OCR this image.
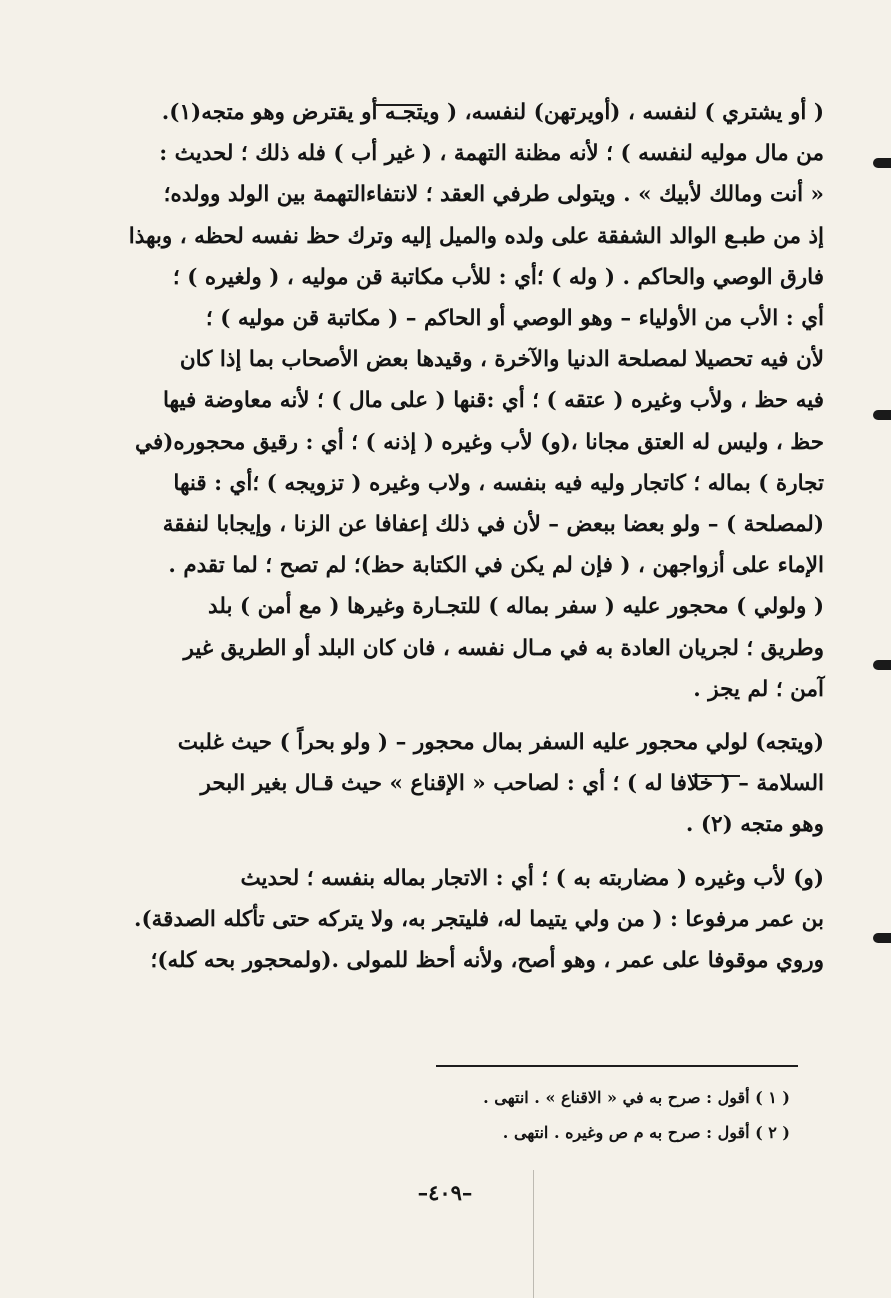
( أو يشتري ) لنفسه ، (أويرتهن) لنفسه، ( ويتجـه أو يقترض وهو متجه(١).

من مال موليه لنفسه ) ؛ لأنه مظنة التهمة ، ( غير أب ) فله ذلك ؛ لحديث :

« أنت ومالك لأبيك » . ويتولى طرفي العقد ؛ لانتفاءالتهمة بين الولد وولده؛

إذ من طبـع الوالد الشفقة على ولده والميل إليه وترك حظ نفسه لحظه ، وبهذا

فارق الوصي والحاكم . ( وله ) ؛أي : للأب مكاتبة قن موليه ، ( ولغيره ) ؛

أي : الأب من الأولياء – وهو الوصي أو الحاكم – ( مكاتبة قن موليه ) ؛

لأن فيه تحصيلا لمصلحة الدنيا والآخرة ، وقيدها بعض الأصحاب بما إذا كان

فيه حظ ، ولأب وغيره ( عتقه ) ؛ أي :قنها ( على مال ) ؛ لأنه معاوضة فيها

حظ ، وليس له العتق مجانا ،(و) لأب وغيره ( إذنه ) ؛ أي : رقيق محجوره(في

تجارة ) بماله ؛ كاتجار وليه فيه بنفسه ، ولاب وغيره ( تزويجه ) ؛أي : قنها

(لمصلحة ) – ولو بعضا ببعض – لأن في ذلك إعفافا عن الزنا ، وإيجابا لنفقة

الإماء على أزواجهن ، ( فإن لم يكن في الكتابة حظ)؛ لم تصح ؛ لما تقدم .

( ولولي ) محجور عليه ( سفر بماله ) للتجـارة وغيرها ( مع أمن ) بلد

وطريق ؛ لجريان العادة به في مـال نفسه ، فان كان البلد أو الطريق غير

آمن ؛ لم يجز .

(ويتجه) لولي محجور عليه السفر بمال محجور – ( ولو بحراً ) حيث غلبت

السلامة – ( خلافا له ) ؛ أي : لصاحب « الإقناع » حيث قـال بغير البحر

وهو متجه (٢) .

(و) لأب وغيره ( مضاربته به ) ؛ أي : الاتجار بماله بنفسه ؛ لحديث

بن عمر مرفوعا : ( من ولي يتيما له، فليتجر به، ولا يتركه حتى تأكله الصدقة).

وروي موقوفا على عمر ، وهو أصح، ولأنه أحظ للمولى .(ولمحجور بحه كله)؛

( ١ ) أقول : صرح به في « الاقناع » . انتهى .
( ٢ ) أقول : صرح به م ص وغيره . انتهى .
–٤٠٩–
